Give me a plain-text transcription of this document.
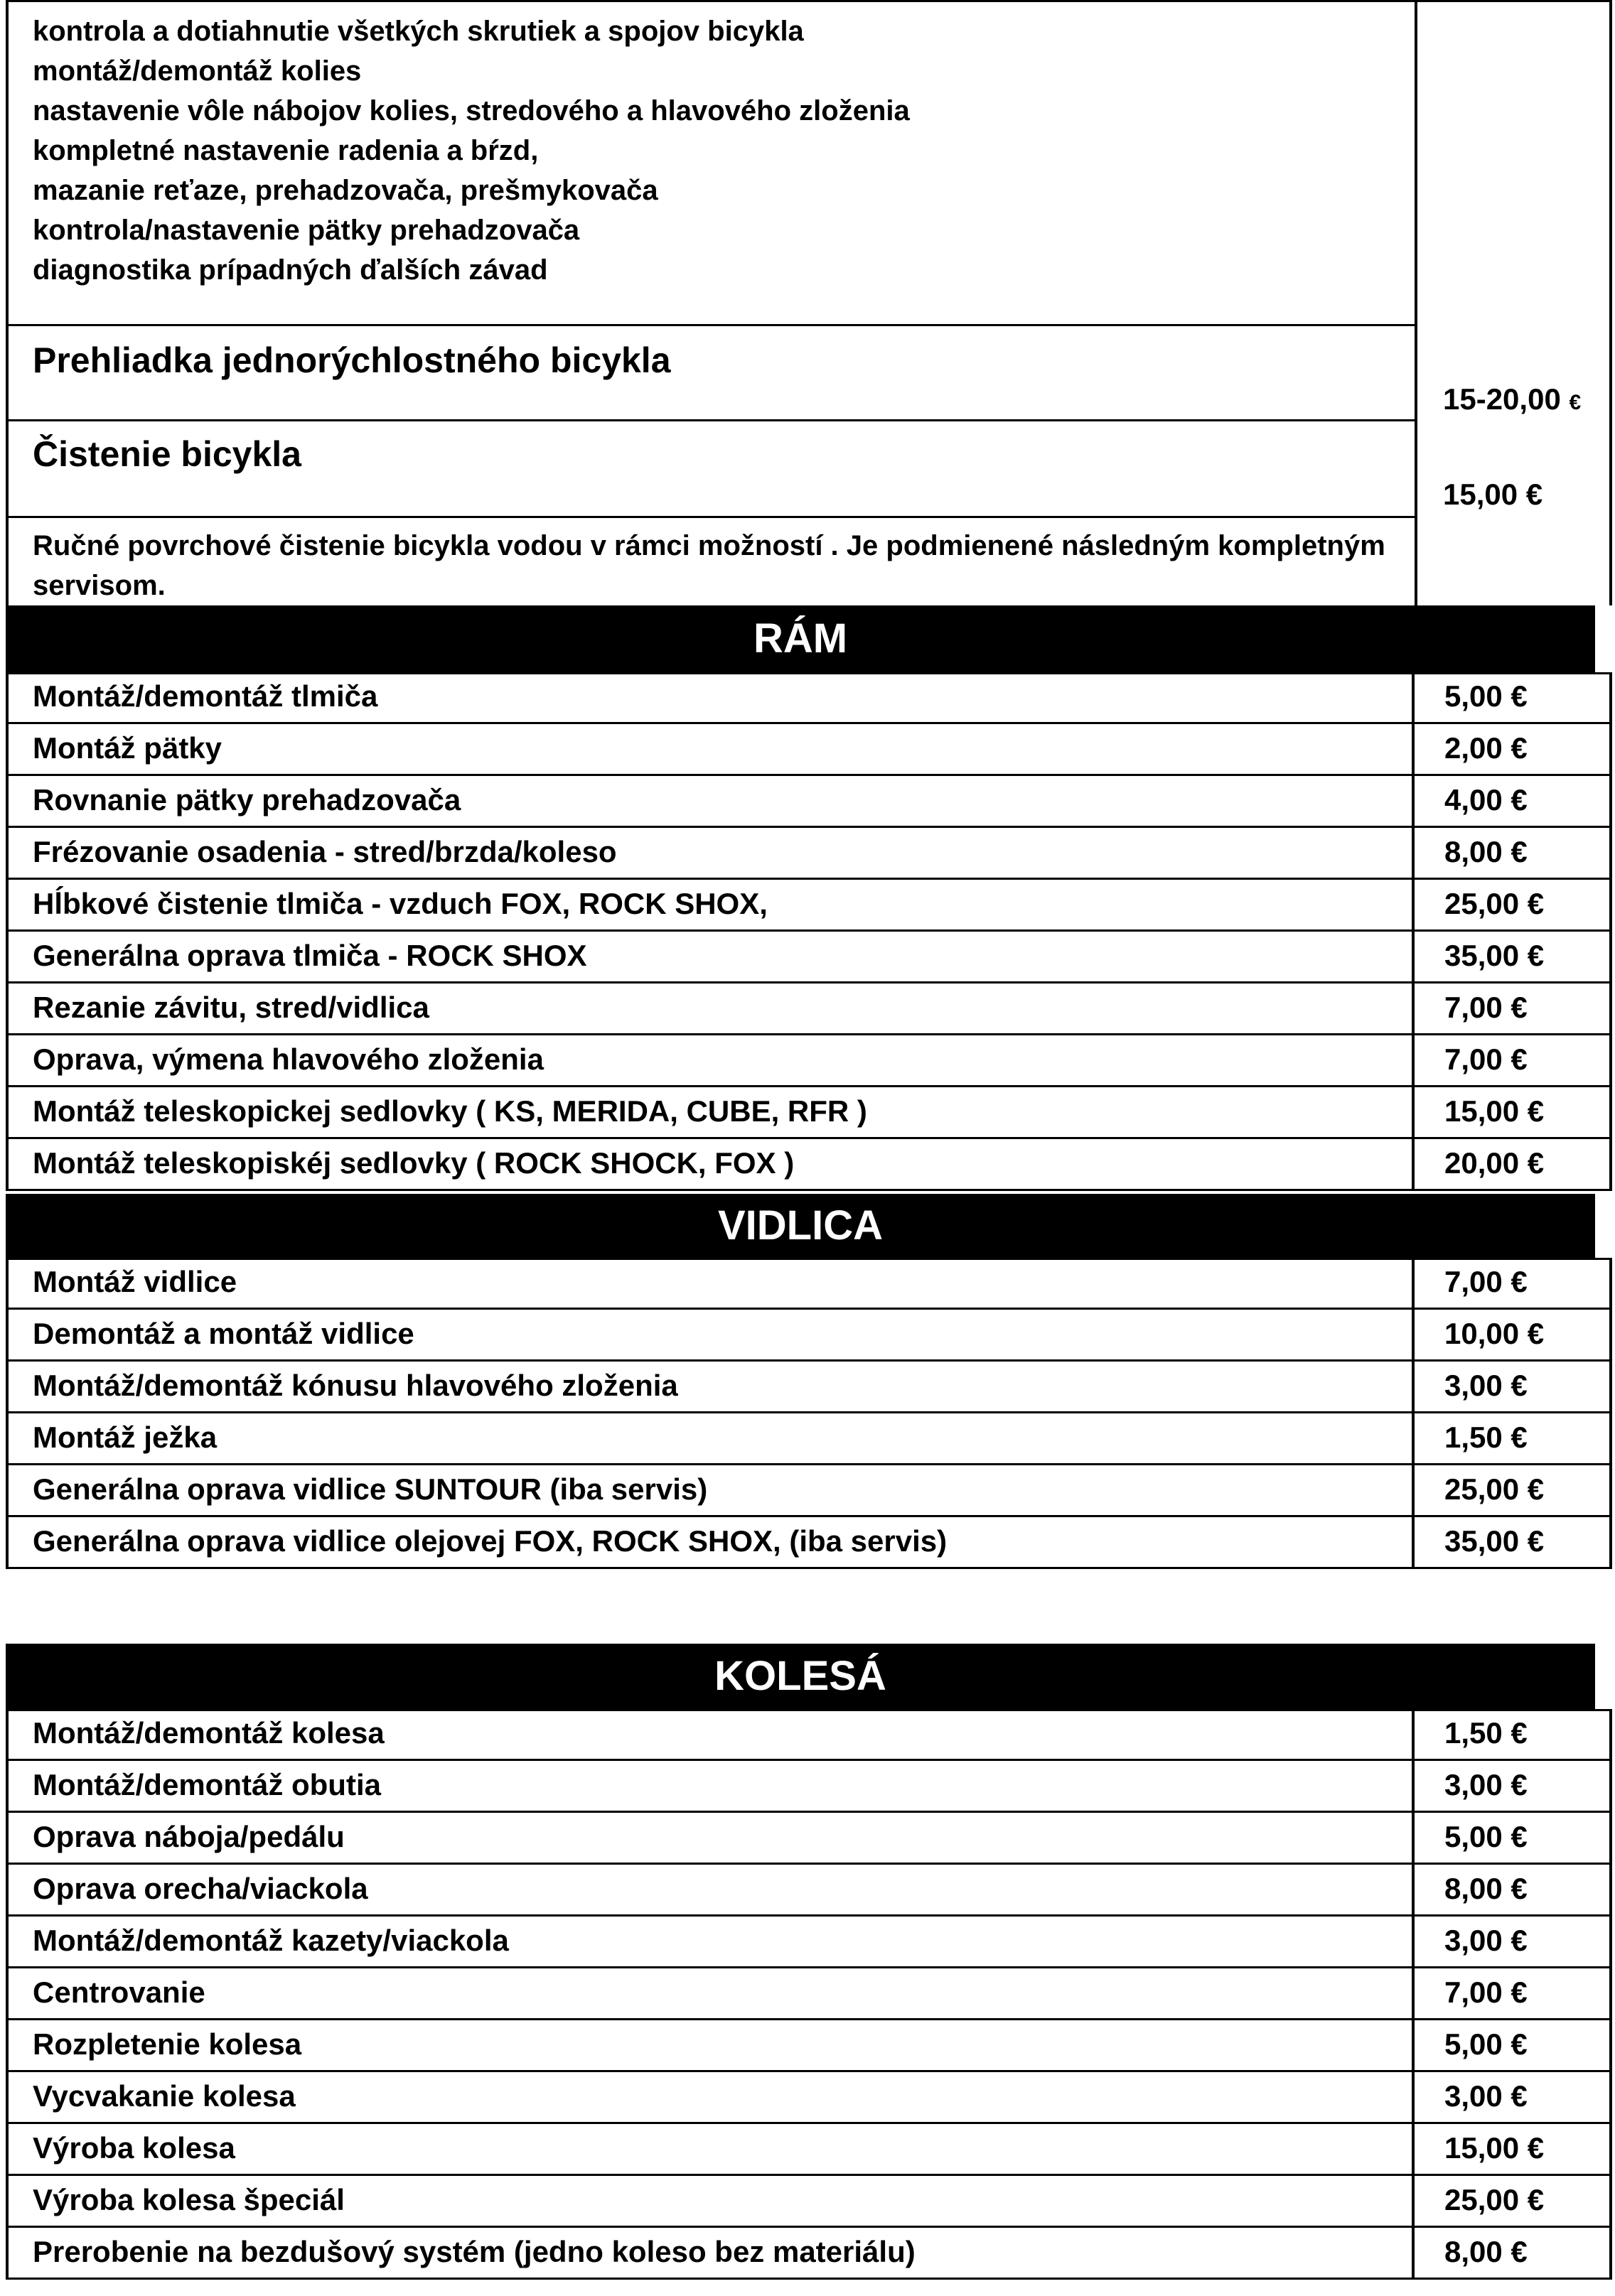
kontrola a dotiahnutie všetkých skrutiek a spojov bicykla
montáž/demontáž kolies
nastavenie vôle nábojov kolies, stredového a hlavového zloženia
kompletné nastavenie radenia a bŕzd,
mazanie reťaze, prehadzovača, prešmykovača
kontrola/nastavenie pätky prehadzovača
diagnostika prípadných ďalších závad
Prehliadka jednorýchlostného bicykla
15-20,00 €
Čistenie bicykla
15,00 €
Ručné povrchové čistenie bicykla vodou v rámci možností . Je podmienené následným kompletným servisom.
RÁM
Montáž/demontáž tlmiča	5,00 €
Montáž pätky	2,00 €
Rovnanie pätky prehadzovača	4,00 €
Frézovanie osadenia - stred/brzda/koleso	8,00 €
Hĺbkové čistenie tlmiča - vzduch FOX, ROCK SHOX,	25,00 €
Generálna oprava tlmiča - ROCK SHOX	35,00 €
Rezanie závitu, stred/vidlica	7,00 €
Oprava, výmena hlavového zloženia	7,00 €
Montáž teleskopickej sedlovky ( KS, MERIDA, CUBE, RFR )	15,00 €
Montáž teleskopiskéj sedlovky ( ROCK SHOCK, FOX )	20,00 €
VIDLICA
Montáž vidlice	7,00 €
Demontáž a montáž vidlice	10,00 €
Montáž/demontáž kónusu hlavového zloženia	3,00 €
Montáž ježka	1,50 €
Generálna oprava vidlice SUNTOUR (iba servis)	25,00 €
Generálna oprava vidlice olejovej FOX, ROCK SHOX, (iba servis)	35,00 €
KOLESÁ
Montáž/demontáž kolesa	1,50 €
Montáž/demontáž obutia	3,00 €
Oprava náboja/pedálu	5,00 €
Oprava orecha/viackola	8,00 €
Montáž/demontáž kazety/viackola	3,00 €
Centrovanie	7,00 €
Rozpletenie kolesa	5,00 €
Vycvakanie kolesa	3,00 €
Výroba kolesa	15,00 €
Výroba kolesa špeciál	25,00 €
Prerobenie na bezdušový systém (jedno koleso bez materiálu)	8,00 €
